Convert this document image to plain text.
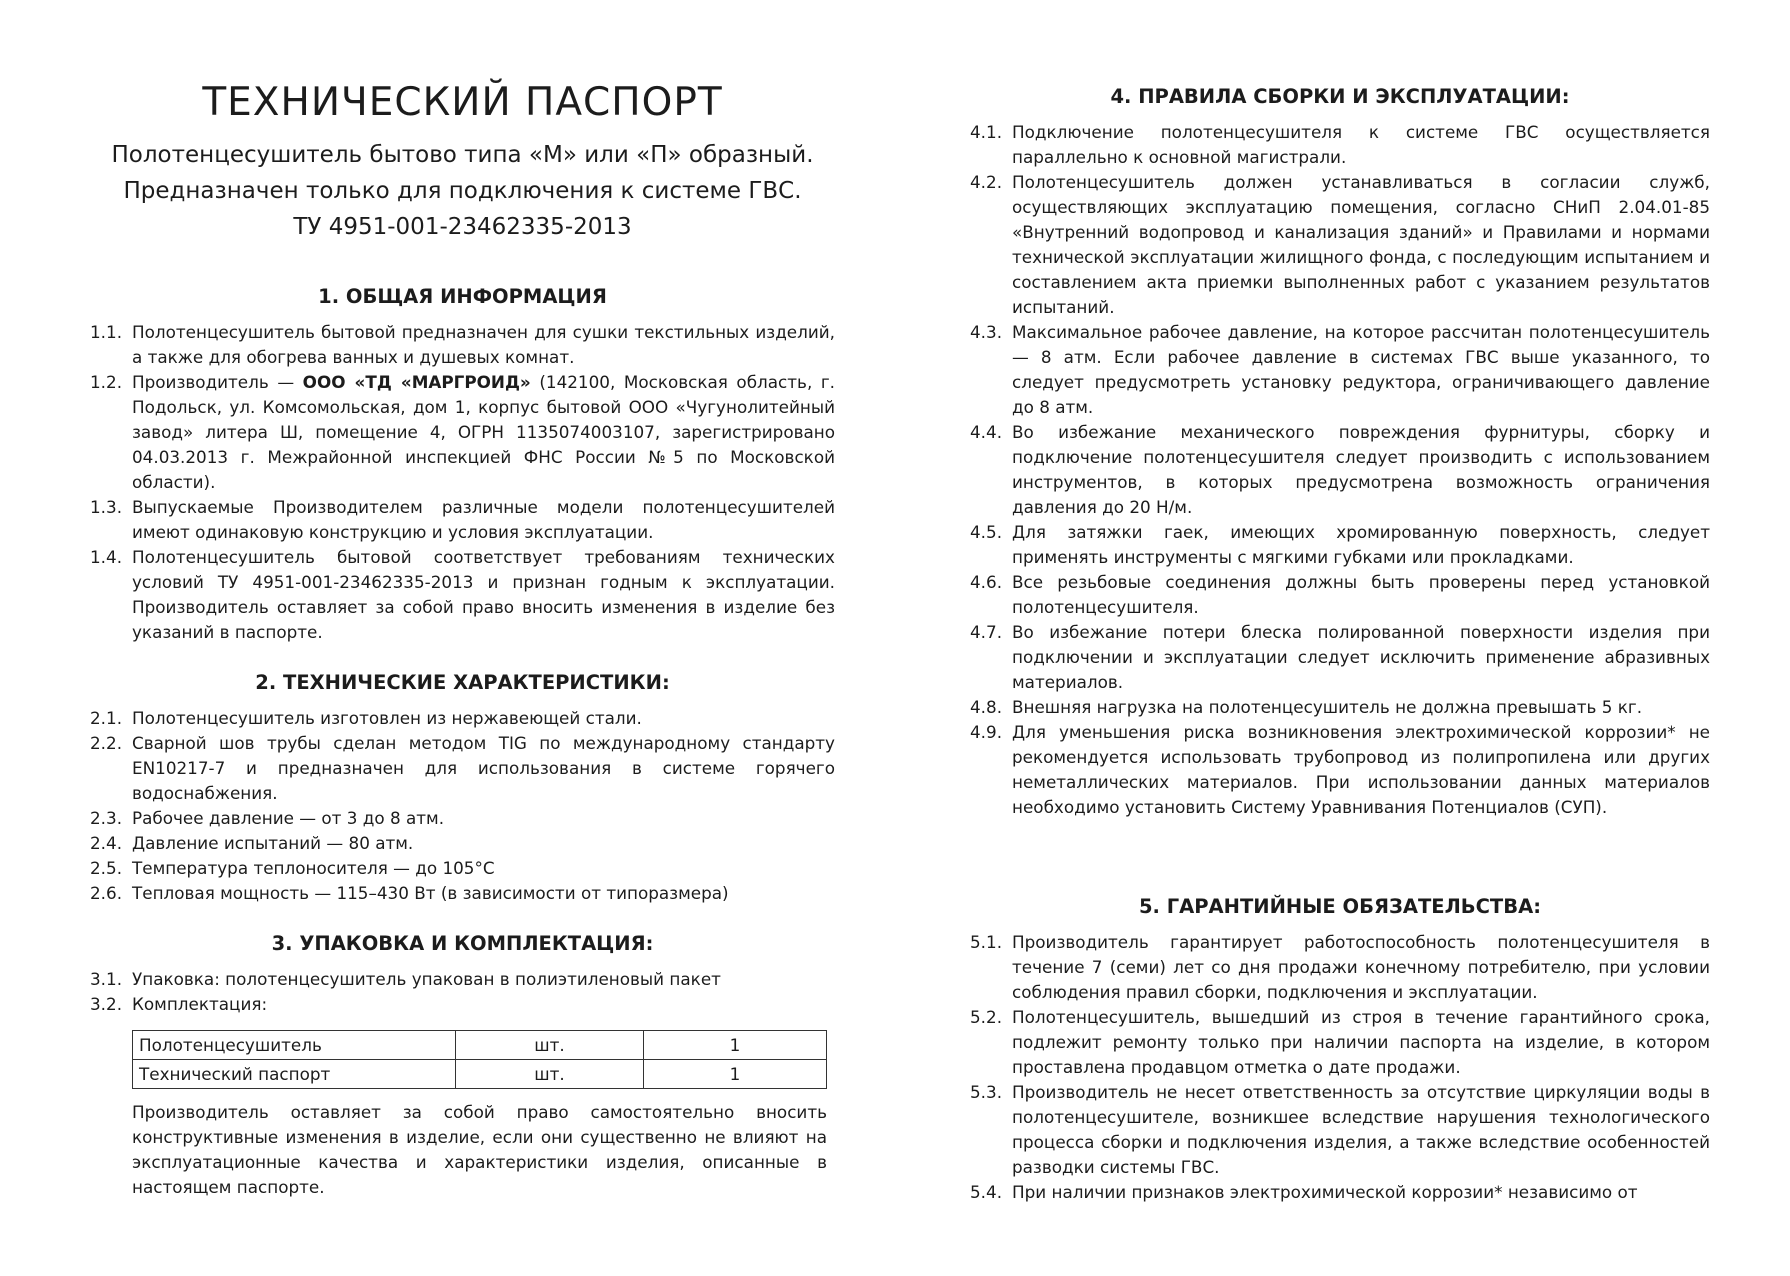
ТЕХНИЧЕСКИЙ ПАСПОРТ

Полотенцесушитель бытово типа «М» или «П» образный.

Предназначен только для подключения к системе ГВС.

ТУ 4951-001-23462335-2013

1. ОБЩАЯ ИНФОРМАЦИЯ
1.1. Полотенцесушитель бытовой предназначен для сушки текстильных изделий, а также для обогрева ванных и душевых комнат.
1.2. Производитель — ООО «ТД «МАРГРОИД» (142100, Московская область, г. Подольск, ул. Комсомольская, дом 1, корпус бытовой ООО «Чугунолитейный завод» литера Ш, помещение 4, ОГРН 1135074003107, зарегистрировано 04.03.2013 г. Межрайонной инспекцией ФНС России №5 по Московской области).
1.3. Выпускаемые Производителем различные модели полотенцесушителей имеют одинаковую конструкцию и условия эксплуатации.
1.4. Полотенцесушитель бытовой соответствует требованиям технических условий ТУ 4951-001-23462335-2013 и признан годным к эксплуатации. Производитель оставляет за собой право вносить изменения в изделие без указаний в паспорте.
2. ТЕХНИЧЕСКИЕ ХАРАКТЕРИСТИКИ:
2.1. Полотенцесушитель изготовлен из нержавеющей стали.
2.2. Сварной шов трубы сделан методом TIG по международному стандарту EN10217-7 и предназначен для использования в системе горячего водоснабжения.
2.3. Рабочее давление — от 3 до 8 атм.
2.4. Давление испытаний — 80 атм.
2.5. Температура теплоносителя — до 105°C
2.6. Тепловая мощность — 115–430 Вт (в зависимости от типоразмера)
3. УПАКОВКА И КОМПЛЕКТАЦИЯ:
3.1. Упаковка: полотенцесушитель упакован в полиэтиленовый пакет
3.2. Комплектация:
Полотенцесушитель	шт.	1
Технический паспорт	шт.	1

Производитель оставляет за собой право самостоятельно вносить конструктивные изменения в изделие, если они существенно не влияют на эксплуатационные качества и характеристики изделия, описанные в настоящем паспорте.

4. ПРАВИЛА СБОРКИ И ЭКСПЛУАТАЦИИ:
4.1. Подключение полотенцесушителя к системе ГВС осуществляется параллельно к основной магистрали.
4.2. Полотенцесушитель должен устанавливаться в согласии служб, осуществляющих эксплуатацию помещения, согласно СНиП 2.04.01-85 «Внутренний водопровод и канализация зданий» и Правилами и нормами технической эксплуатации жилищного фонда, с последующим испытанием и составлением акта приемки выполненных работ с указанием результатов испытаний.
4.3. Максимальное рабочее давление, на которое рассчитан полотенцесушитель — 8 атм. Если рабочее давление в системах ГВС выше указанного, то следует предусмотреть установку редуктора, ограничивающего давление до 8 атм.
4.4. Во избежание механического повреждения фурнитуры, сборку и подключение полотенцесушителя следует производить с использованием инструментов, в которых предусмотрена возможность ограничения давления до 20 Н/м.
4.5. Для затяжки гаек, имеющих хромированную поверхность, следует применять инструменты с мягкими губками или прокладками.
4.6. Все резьбовые соединения должны быть проверены перед установкой полотенцесушителя.
4.7. Во избежание потери блеска полированной поверхности изделия при подключении и эксплуатации следует исключить применение абразивных материалов.
4.8. Внешняя нагрузка на полотенцесушитель не должна превышать 5 кг.
4.9. Для уменьшения риска возникновения электрохимической коррозии* не рекомендуется использовать трубопровод из полипропилена или других неметаллических материалов. При использовании данных материалов необходимо установить Систему Уравнивания Потенциалов (СУП).
5. ГАРАНТИЙНЫЕ ОБЯЗАТЕЛЬСТВА:
5.1. Производитель гарантирует работоспособность полотенцесушителя в течение 7 (семи) лет со дня продажи конечному потребителю, при условии соблюдения правил сборки, подключения и эксплуатации.
5.2. Полотенцесушитель, вышедший из строя в течение гарантийного срока, подлежит ремонту только при наличии паспорта на изделие, в котором проставлена продавцом отметка о дате продажи.
5.3. Производитель не несет ответственность за отсутствие циркуляции воды в полотенцесушителе, возникшее вследствие нарушения технологического процесса сборки и подключения изделия, а также вследствие особенностей разводки системы ГВС.
5.4. При наличии признаков электрохимической коррозии* независимо от
